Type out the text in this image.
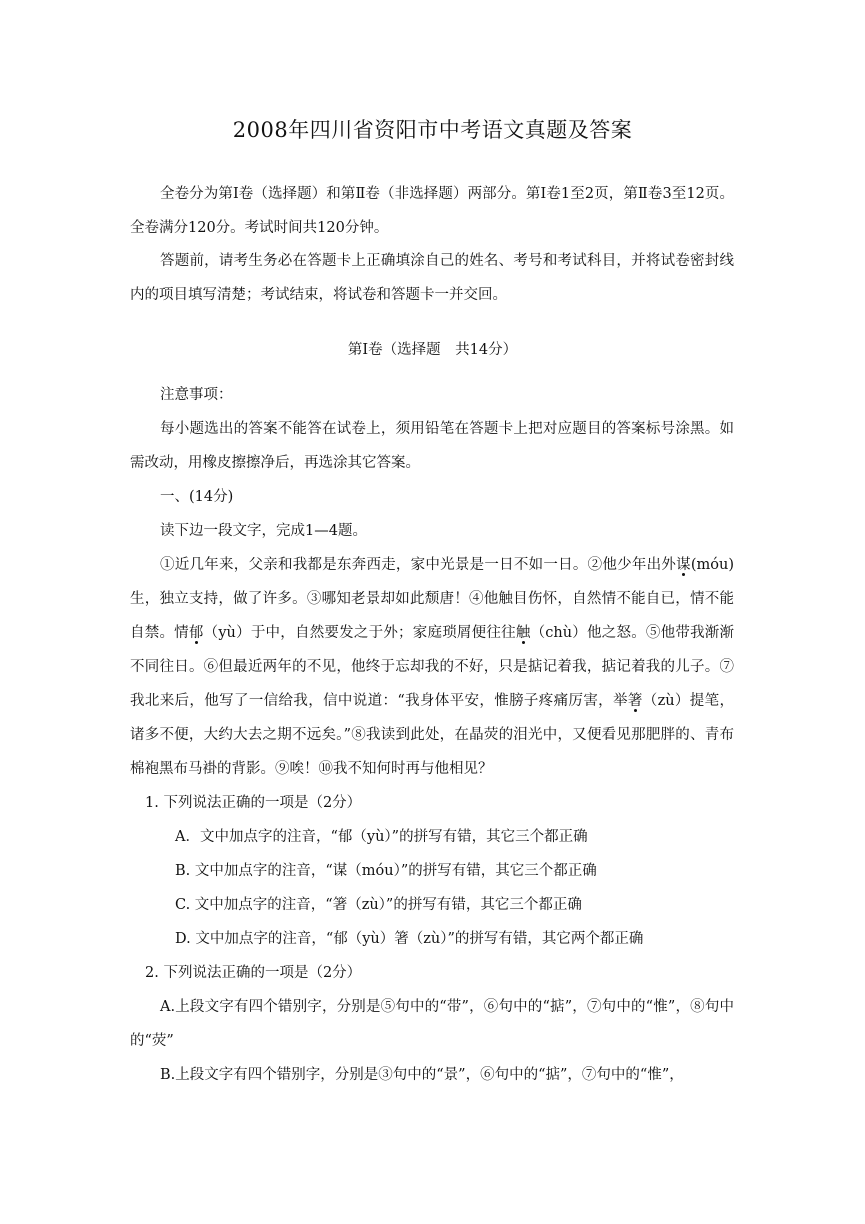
2008年四川省资阳市中考语文真题及答案

全卷分为第Ⅰ卷（选择题）和第Ⅱ卷（非选择题）两部分。第Ⅰ卷1至2页，第Ⅱ卷3至12页。全卷满分120分。考试时间共120分钟。

答题前，请考生务必在答题卡上正确填涂自己的姓名、考号和考试科目，并将试卷密封线内的项目填写清楚；考试结束，将试卷和答题卡一并交回。

第Ⅰ卷（选择题　共14分）

注意事项：

每小题选出的答案不能答在试卷上，须用铅笔在答题卡上把对应题目的答案标号涂黑。如需改动，用橡皮擦擦净后，再选涂其它答案。

一、(14分)

读下边一段文字，完成1—4题。

①近几年来，父亲和我都是东奔西走，家中光景是一日不如一日。②他少年出外谋(móu)生，独立支持，做了许多。③哪知老景却如此颓唐！④他触目伤怀，自然情不能自已，情不能自禁。情郁（yù）于中，自然要发之于外；家庭琐屑便往往触（chù）他之怒。⑤他带我渐渐不同往日。⑥但最近两年的不见，他终于忘却我的不好，只是掂记着我，掂记着我的儿子。⑦我北来后，他写了一信给我，信中说道：“我身体平安，惟膀子疼痛厉害，举箸（zù）提笔，诸多不便，大约大去之期不远矣。”⑧我读到此处，在晶荧的泪光中，又便看见那肥胖的、青布棉袍黑布马褂的背影。⑨唉！⑩我不知何时再与他相见？

1. 下列说法正确的一项是（2分）

A．文中加点字的注音，“郁（yù）”的拼写有错，其它三个都正确

B. 文中加点字的注音，“谋（móu）”的拼写有错，其它三个都正确

C. 文中加点字的注音，“箸（zù）”的拼写有错，其它三个都正确

D. 文中加点字的注音，“郁（yù）箸（zù）”的拼写有错，其它两个都正确

2. 下列说法正确的一项是（2分）

A.上段文字有四个错别字，分别是⑤句中的“带”，⑥句中的“掂”，⑦句中的“惟”，⑧句中的“荧”

B.上段文字有四个错别字，分别是③句中的“景”，⑥句中的“掂”，⑦句中的“惟”，
